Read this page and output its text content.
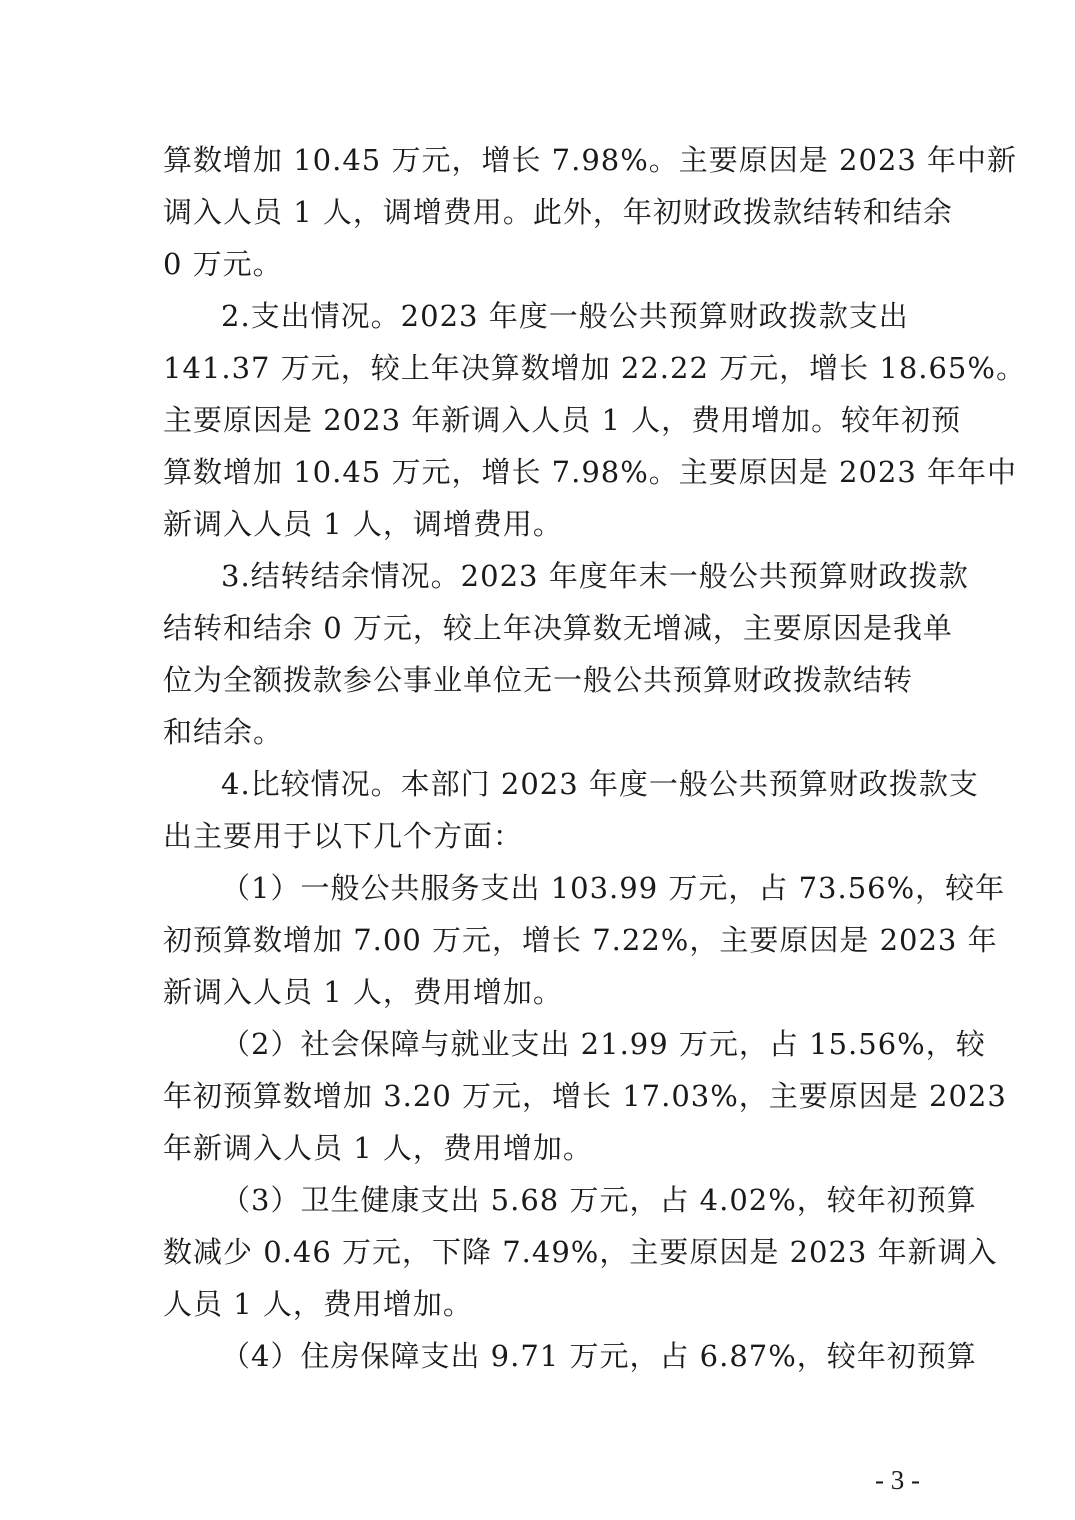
算数增加 10.45 万元，增长 7.98%。主要原因是 2023 年中新
调入人员 1 人，调增费用。此外，年初财政拨款结转和结余
0 万元。
2.支出情况。2023 年度一般公共预算财政拨款支出
141.37 万元，较上年决算数增加 22.22 万元，增长 18.65%。
主要原因是 2023 年新调入人员 1 人，费用增加。较年初预
算数增加 10.45 万元，增长 7.98%。主要原因是 2023 年年中
新调入人员 1 人，调增费用。
3.结转结余情况。2023 年度年末一般公共预算财政拨款
结转和结余 0 万元，较上年决算数无增减，主要原因是我单
位为全额拨款参公事业单位无一般公共预算财政拨款结转
和结余。
4.比较情况。本部门 2023 年度一般公共预算财政拨款支
出主要用于以下几个方面：
（1）一般公共服务支出 103.99 万元，占 73.56%，较年
初预算数增加 7.00 万元，增长 7.22%，主要原因是 2023 年
新调入人员 1 人，费用增加。
（2）社会保障与就业支出 21.99 万元，占 15.56%，较
年初预算数增加 3.20 万元，增长 17.03%，主要原因是 2023
年新调入人员 1 人，费用增加。
（3）卫生健康支出 5.68 万元，占 4.02%，较年初预算
数减少 0.46 万元，下降 7.49%，主要原因是 2023 年新调入
人员 1 人，费用增加。
（4）住房保障支出 9.71 万元，占 6.87%，较年初预算
- 3 -
